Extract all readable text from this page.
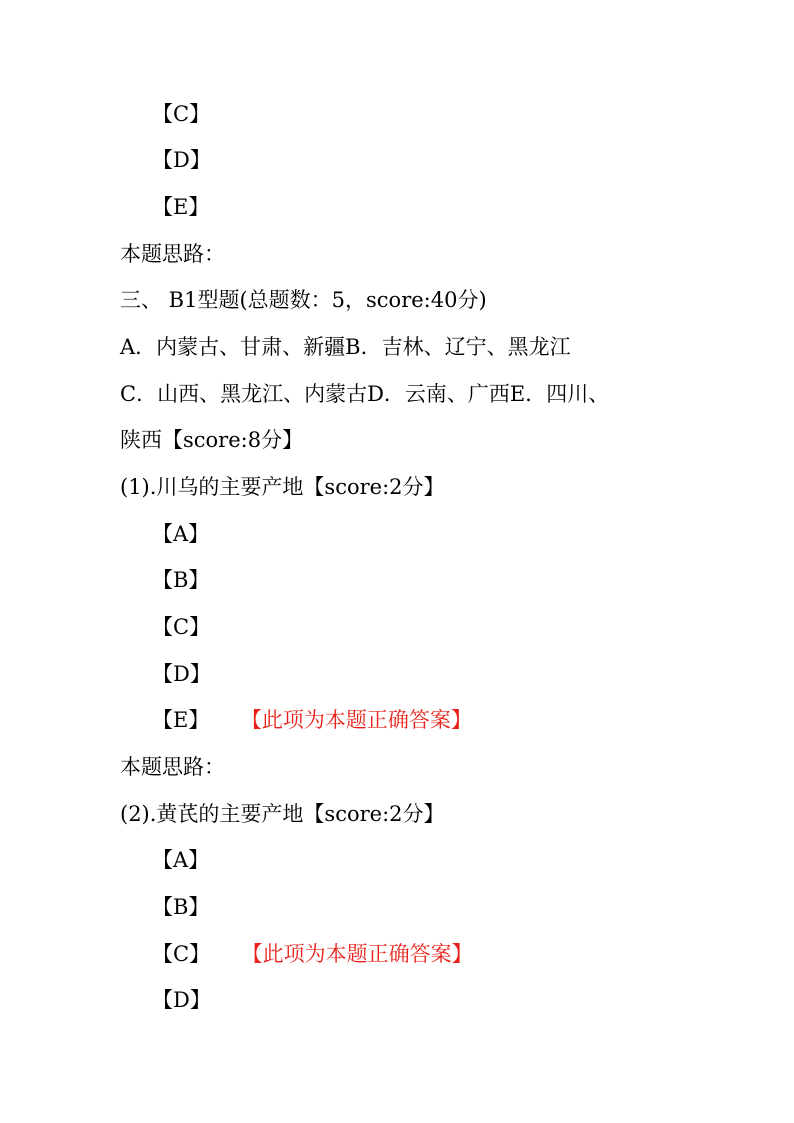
【C】
【D】
【E】
本题思路：
三、 B1型题(总题数：5，score:40分)
A．内蒙古、甘肃、新疆B．吉林、辽宁、黑龙江
C．山西、黑龙江、内蒙古D．云南、广西E．四川、
陕西【score:8分】
(1).川乌的主要产地【score:2分】
【A】
【B】
【C】
【D】
【E】 【此项为本题正确答案】
本题思路：
(2).黄芪的主要产地【score:2分】
【A】
【B】
【C】 【此项为本题正确答案】
【D】
